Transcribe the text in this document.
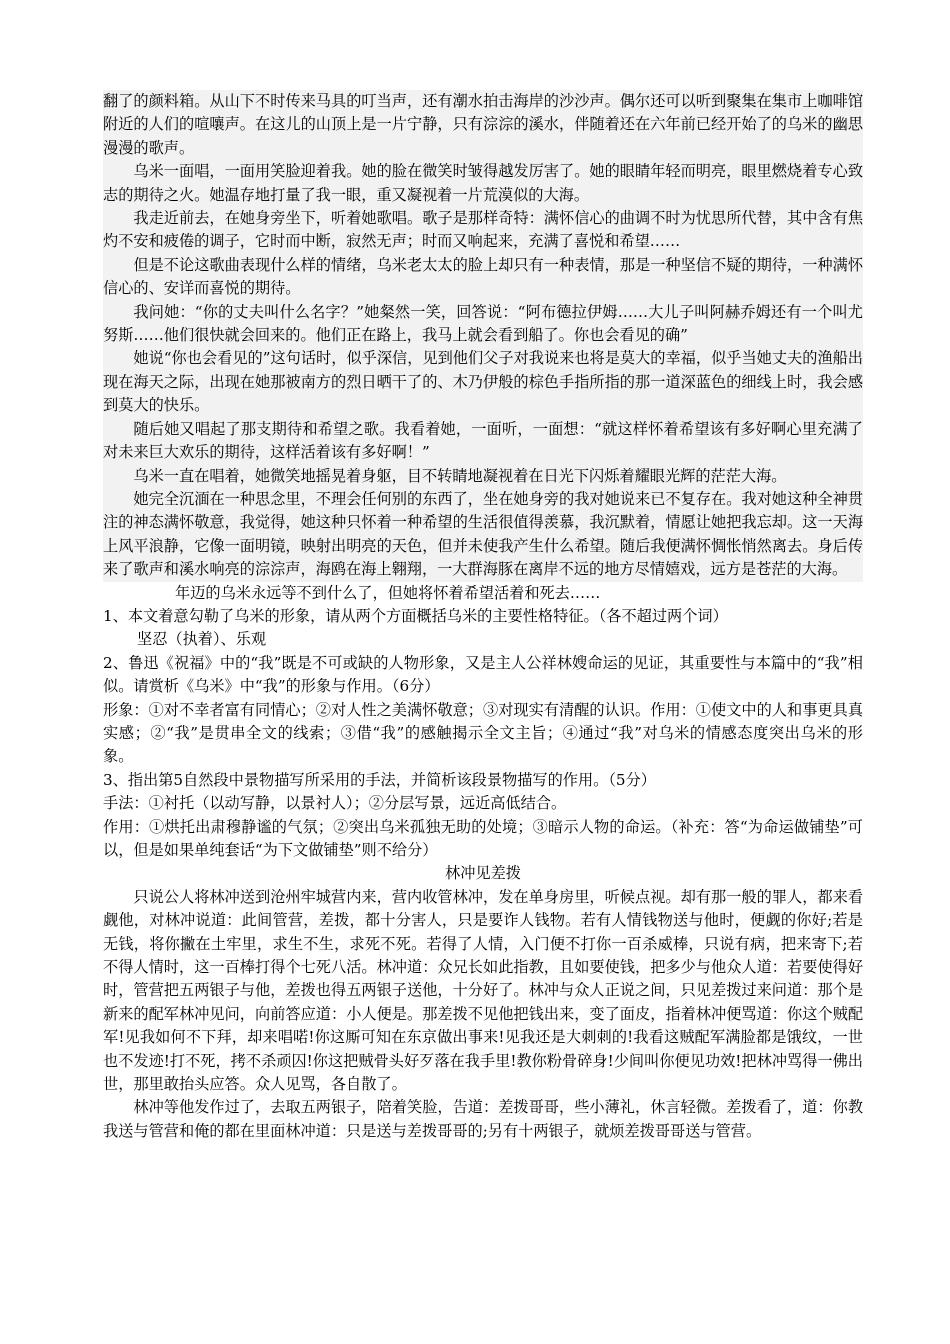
翻了的颜料箱。从山下不时传来马具的叮当声，还有潮水拍击海岸的沙沙声。偶尔还可以听到聚集在集市上咖啡馆附近的人们的喧嚷声。在这儿的山顶上是一片宁静，只有淙淙的溪水，伴随着还在六年前已经开始了的乌米的幽思漫漫的歌声。

乌米一面唱，一面用笑脸迎着我。她的脸在微笑时皱得越发厉害了。她的眼睛年轻而明亮，眼里燃烧着专心致志的期待之火。她温存地打量了我一眼，重又凝视着一片荒漠似的大海。

我走近前去，在她身旁坐下，听着她歌唱。歌子是那样奇特：满怀信心的曲调不时为忧思所代替，其中含有焦灼不安和疲倦的调子，它时而中断，寂然无声；时而又响起来，充满了喜悦和希望……

但是不论这歌曲表现什么样的情绪，乌米老太太的脸上却只有一种表情，那是一种坚信不疑的期待，一种满怀信心的、安详而喜悦的期待。

我问她：“你的丈夫叫什么名字？”她粲然一笑，回答说：“阿布德拉伊姆……大儿子叫阿赫乔姆还有一个叫尤努斯……他们很快就会回来的。他们正在路上，我马上就会看到船了。你也会看见的确”

她说“你也会看见的”这句话时，似乎深信，见到他们父子对我说来也将是莫大的幸福，似乎当她丈夫的渔船出现在海天之际，出现在她那被南方的烈日晒干了的、木乃伊般的棕色手指所指的那一道深蓝色的细线上时，我会感到莫大的快乐。

随后她又唱起了那支期待和希望之歌。我看着她，一面听，一面想：“就这样怀着希望该有多好啊心里充满了对未来巨大欢乐的期待，这样活着该有多好啊！”

乌米一直在唱着，她微笑地摇晃着身躯，目不转睛地凝视着在日光下闪烁着耀眼光辉的茫茫大海。

她完全沉湎在一种思念里，不理会任何别的东西了，坐在她身旁的我对她说来已不复存在。我对她这种全神贯注的神态满怀敬意，我觉得，她这种只怀着一种希望的生活很值得羡慕，我沉默着，情愿让她把我忘却。这一天海上风平浪静，它像一面明镜，映射出明亮的天色，但并未使我产生什么希望。随后我便满怀惆怅悄然离去。身后传来了歌声和溪水响亮的淙淙声，海鸥在海上翱翔，一大群海豚在离岸不远的地方尽情嬉戏，远方是苍茫的大海。

年迈的乌米永远等不到什么了，但她将怀着希望活着和死去……

1、本文着意勾勒了乌米的形象，请从两个方面概括乌米的主要性格特征。（各不超过两个词）

坚忍（执着）、乐观

2、鲁迅《祝福》中的“我”既是不可或缺的人物形象，又是主人公祥林嫂命运的见证，其重要性与本篇中的“我”相似。请赏析《乌米》中“我”的形象与作用。（6分）

形象：①对不幸者富有同情心；②对人性之美满怀敬意；③对现实有清醒的认识。作用：①使文中的人和事更具真实感；②“我”是贯串全文的线索；③借“我”的感触揭示全文主旨；④通过“我”对乌米的情感态度突出乌米的形象。

3、指出第5自然段中景物描写所采用的手法，并简析该段景物描写的作用。（5分）

手法：①衬托（以动写静，以景衬人）；②分层写景，远近高低结合。

作用：①烘托出肃穆静谧的气氛；②突出乌米孤独无助的处境；③暗示人物的命运。（补充：答“为命运做铺垫”可以，但是如果单纯套话“为下文做铺垫”则不给分）

林冲见差拨

只说公人将林冲送到沧州牢城营内来，营内收管林冲，发在单身房里，听候点视。却有那一般的罪人，都来看觑他，对林冲说道：此间管营，差拨，都十分害人，只是要诈人钱物。若有人情钱物送与他时，便觑的你好;若是无钱，将你撇在土牢里，求生不生，求死不死。若得了人情，入门便不打你一百杀威棒，只说有病，把来寄下;若不得人情时，这一百棒打得个七死八活。林冲道：众兄长如此指教，且如要使钱，把多少与他众人道：若要使得好时，管营把五两银子与他，差拨也得五两银子送他，十分好了。林冲与众人正说之间，只见差拨过来问道：那个是新来的配军林冲见问，向前答应道：小人便是。那差拨不见他把钱出来，变了面皮，指着林冲便骂道：你这个贼配军!见我如何不下拜，却来唱喏!你这厮可知在东京做出事来!见我还是大刺刺的!我看这贼配军满脸都是饿纹，一世也不发迹!打不死，拷不杀顽囚!你这把贼骨头好歹落在我手里!教你粉骨碎身!少间叫你便见功效!把林冲骂得一佛出世，那里敢抬头应答。众人见骂，各自散了。

林冲等他发作过了，去取五两银子，陪着笑脸，告道：差拨哥哥，些小薄礼，休言轻微。差拨看了，道：你教我送与管营和俺的都在里面林冲道：只是送与差拨哥哥的;另有十两银子，就烦差拨哥哥送与管营。
